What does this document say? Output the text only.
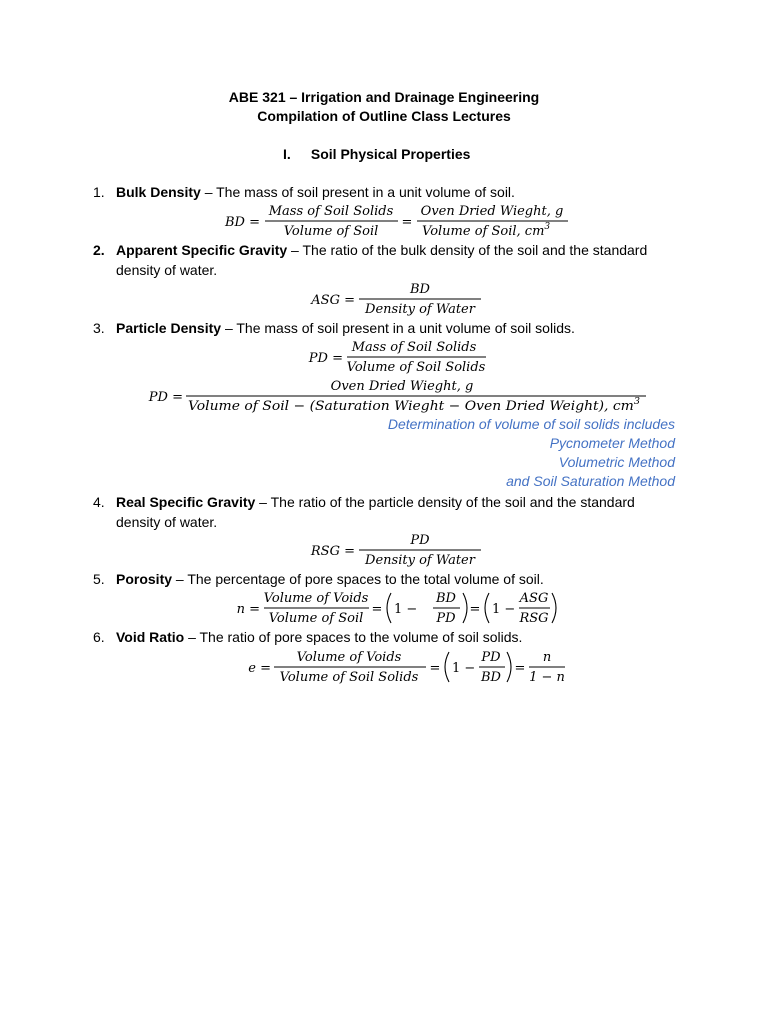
ABE 321 – Irrigation and Drainage Engineering
Compilation of Outline Class Lectures
I. Soil Physical Properties
1. Bulk Density – The mass of soil present in a unit volume of soil.
BD =
Mass of Soil Solids
Volume of Soil
=
Oven Dried Wieght, g
Volume of Soil, $cm^3$
2. Apparent Specific Gravity – The ratio of the bulk density of the soil and the standard density of water.
ASG =
BD
Density of Water
3. Particle Density – The mass of soil present in a unit volume of soil solids.
PD =
Mass of Soil Solids
Volume of Soil Solids
PD =
Oven Dried Wieght, g
Volume of Soil − (Saturation Wieght − Oven Dried Weight), cm	$^3$
Determination of volume of soil solids includes
Pycnometer Method
Volumetric Method
and Soil Saturation Method
4. Real Specific Gravity – The ratio of the particle density of the soil and the standard density of water.
RSG =
PD
Density of Water
5. Porosity – The percentage of pore spaces to the total volume of soil.
n =
Volume of Voids
Volume of Soil
= 1 −
BD
PD
= 1 −
ASG
RSG
6. Void Ratio – The ratio of pore spaces to the volume of soil solids.
e =
Volume of Voids
Volume of Soil Solids
= 1 −
PD
BD
=
n
1 − n
